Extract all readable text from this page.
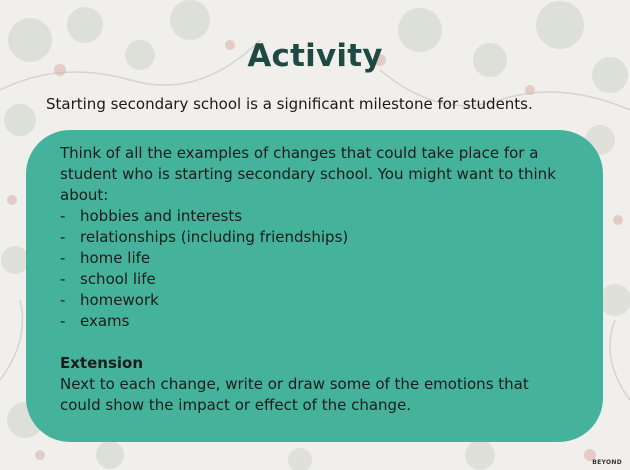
Activity
Starting secondary school is a significant milestone for students.

Think of all the examples of changes that could take place for a student who is starting secondary school. You might want to think about:

- hobbies and interests
- relationships (including friendships)
- home life
- school life
- homework
- exams

Extension

Next to each change, write or draw some of the emotions that could show the impact or effect of the change.

BEYOND
